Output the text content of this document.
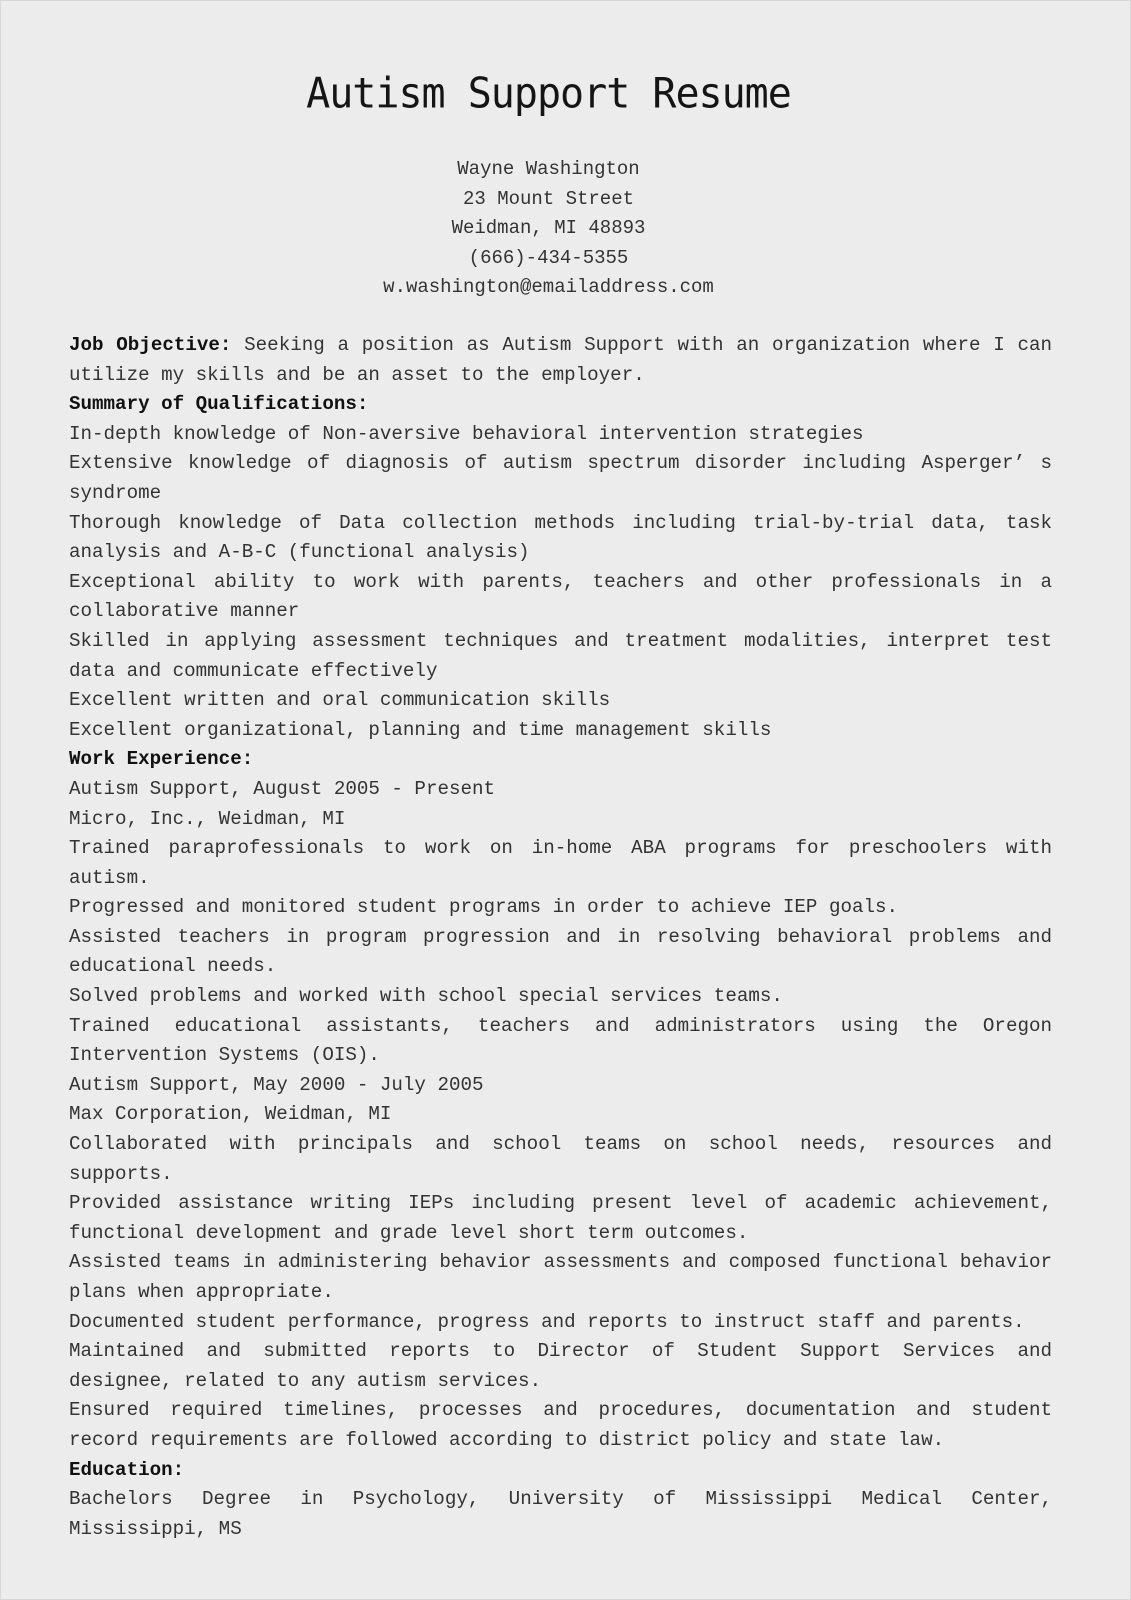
Autism Support Resume
Wayne Washington
23 Mount Street
Weidman, MI 48893
(666)-434-5355
w.washington@emailaddress.com

Job Objective: Seeking a position as Autism Support with an organization where I can utilize my skills and be an asset to the employer.

Summary of Qualifications:

In-depth knowledge of Non-aversive behavioral intervention strategies

Extensive knowledge of diagnosis of autism spectrum disorder including Asperger’ s syndrome

Thorough knowledge of Data collection methods including trial-by-trial data, task analysis and A-B-C (functional analysis)

Exceptional ability to work with parents, teachers and other professionals in a collaborative manner

Skilled in applying assessment techniques and treatment modalities, interpret test data and communicate effectively

Excellent written and oral communication skills

Excellent organizational, planning and time management skills

Work Experience:

Autism Support, August 2005 - Present

Micro, Inc., Weidman, MI

Trained paraprofessionals to work on in-home ABA programs for preschoolers with autism.

Progressed and monitored student programs in order to achieve IEP goals.

Assisted teachers in program progression and in resolving behavioral problems and educational needs.

Solved problems and worked with school special services teams.

Trained educational assistants, teachers and administrators using the Oregon Intervention Systems (OIS).

Autism Support, May 2000 - July 2005

Max Corporation, Weidman, MI

Collaborated with principals and school teams on school needs, resources and supports.

Provided assistance writing IEPs including present level of academic achievement, functional development and grade level short term outcomes.

Assisted teams in administering behavior assessments and composed functional behavior plans when appropriate.

Documented student performance, progress and reports to instruct staff and parents.

Maintained and submitted reports to Director of Student Support Services and designee, related to any autism services.

Ensured required timelines, processes and procedures, documentation and student record requirements are followed according to district policy and state law.

Education:

Bachelors Degree in Psychology, University of Mississippi Medical Center, Mississippi, MS
